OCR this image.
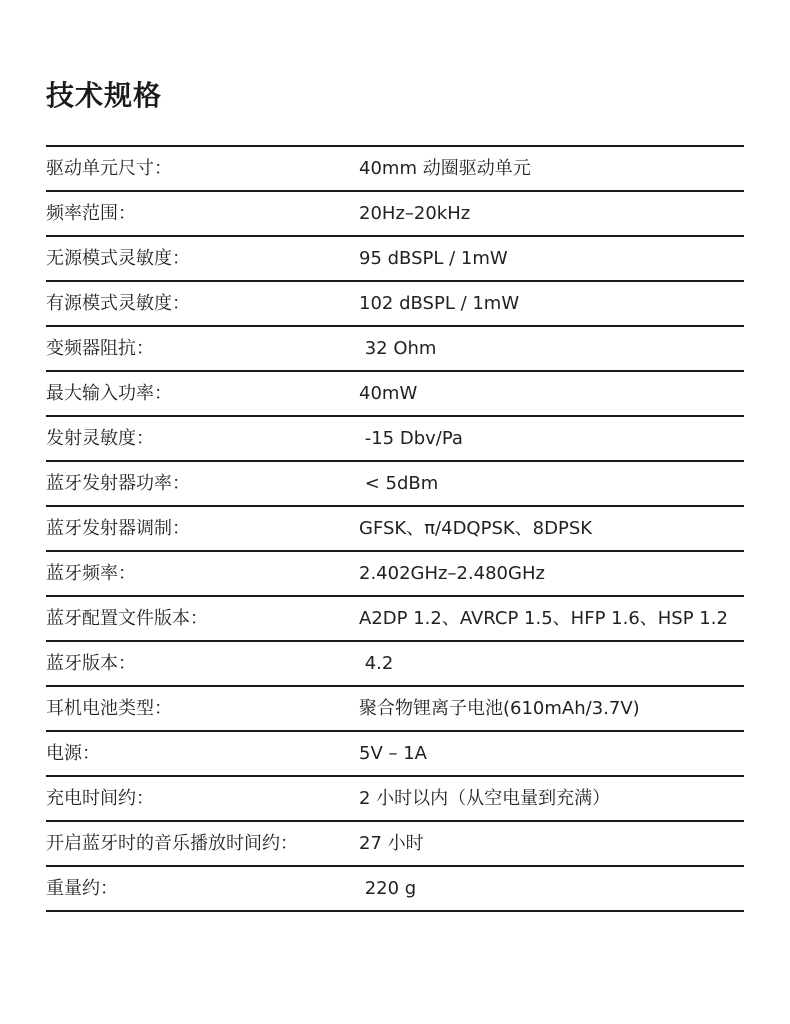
技术规格
驱动单元尺寸：	40mm 动圈驱动单元
频率范围：	20Hz–20kHz
无源模式灵敏度：	95 dBSPL / 1mW
有源模式灵敏度：	102 dBSPL / 1mW
变频器阻抗：	32 Ohm
最大输入功率：	40mW
发射灵敏度：	-15 Dbv/Pa
蓝牙发射器功率：	< 5dBm
蓝牙发射器调制：	GFSK、π/4DQPSK、8DPSK
蓝牙频率：	2.402GHz–2.480GHz
蓝牙配置文件版本：	A2DP 1.2、AVRCP 1.5、HFP 1.6、HSP 1.2
蓝牙版本：	4.2
耳机电池类型：	聚合物锂离子电池(610mAh/3.7V)
电源：	5V – 1A
充电时间约：	2 小时以内（从空电量到充满）
开启蓝牙时的音乐播放时间约：	27 小时
重量约：	220 g
